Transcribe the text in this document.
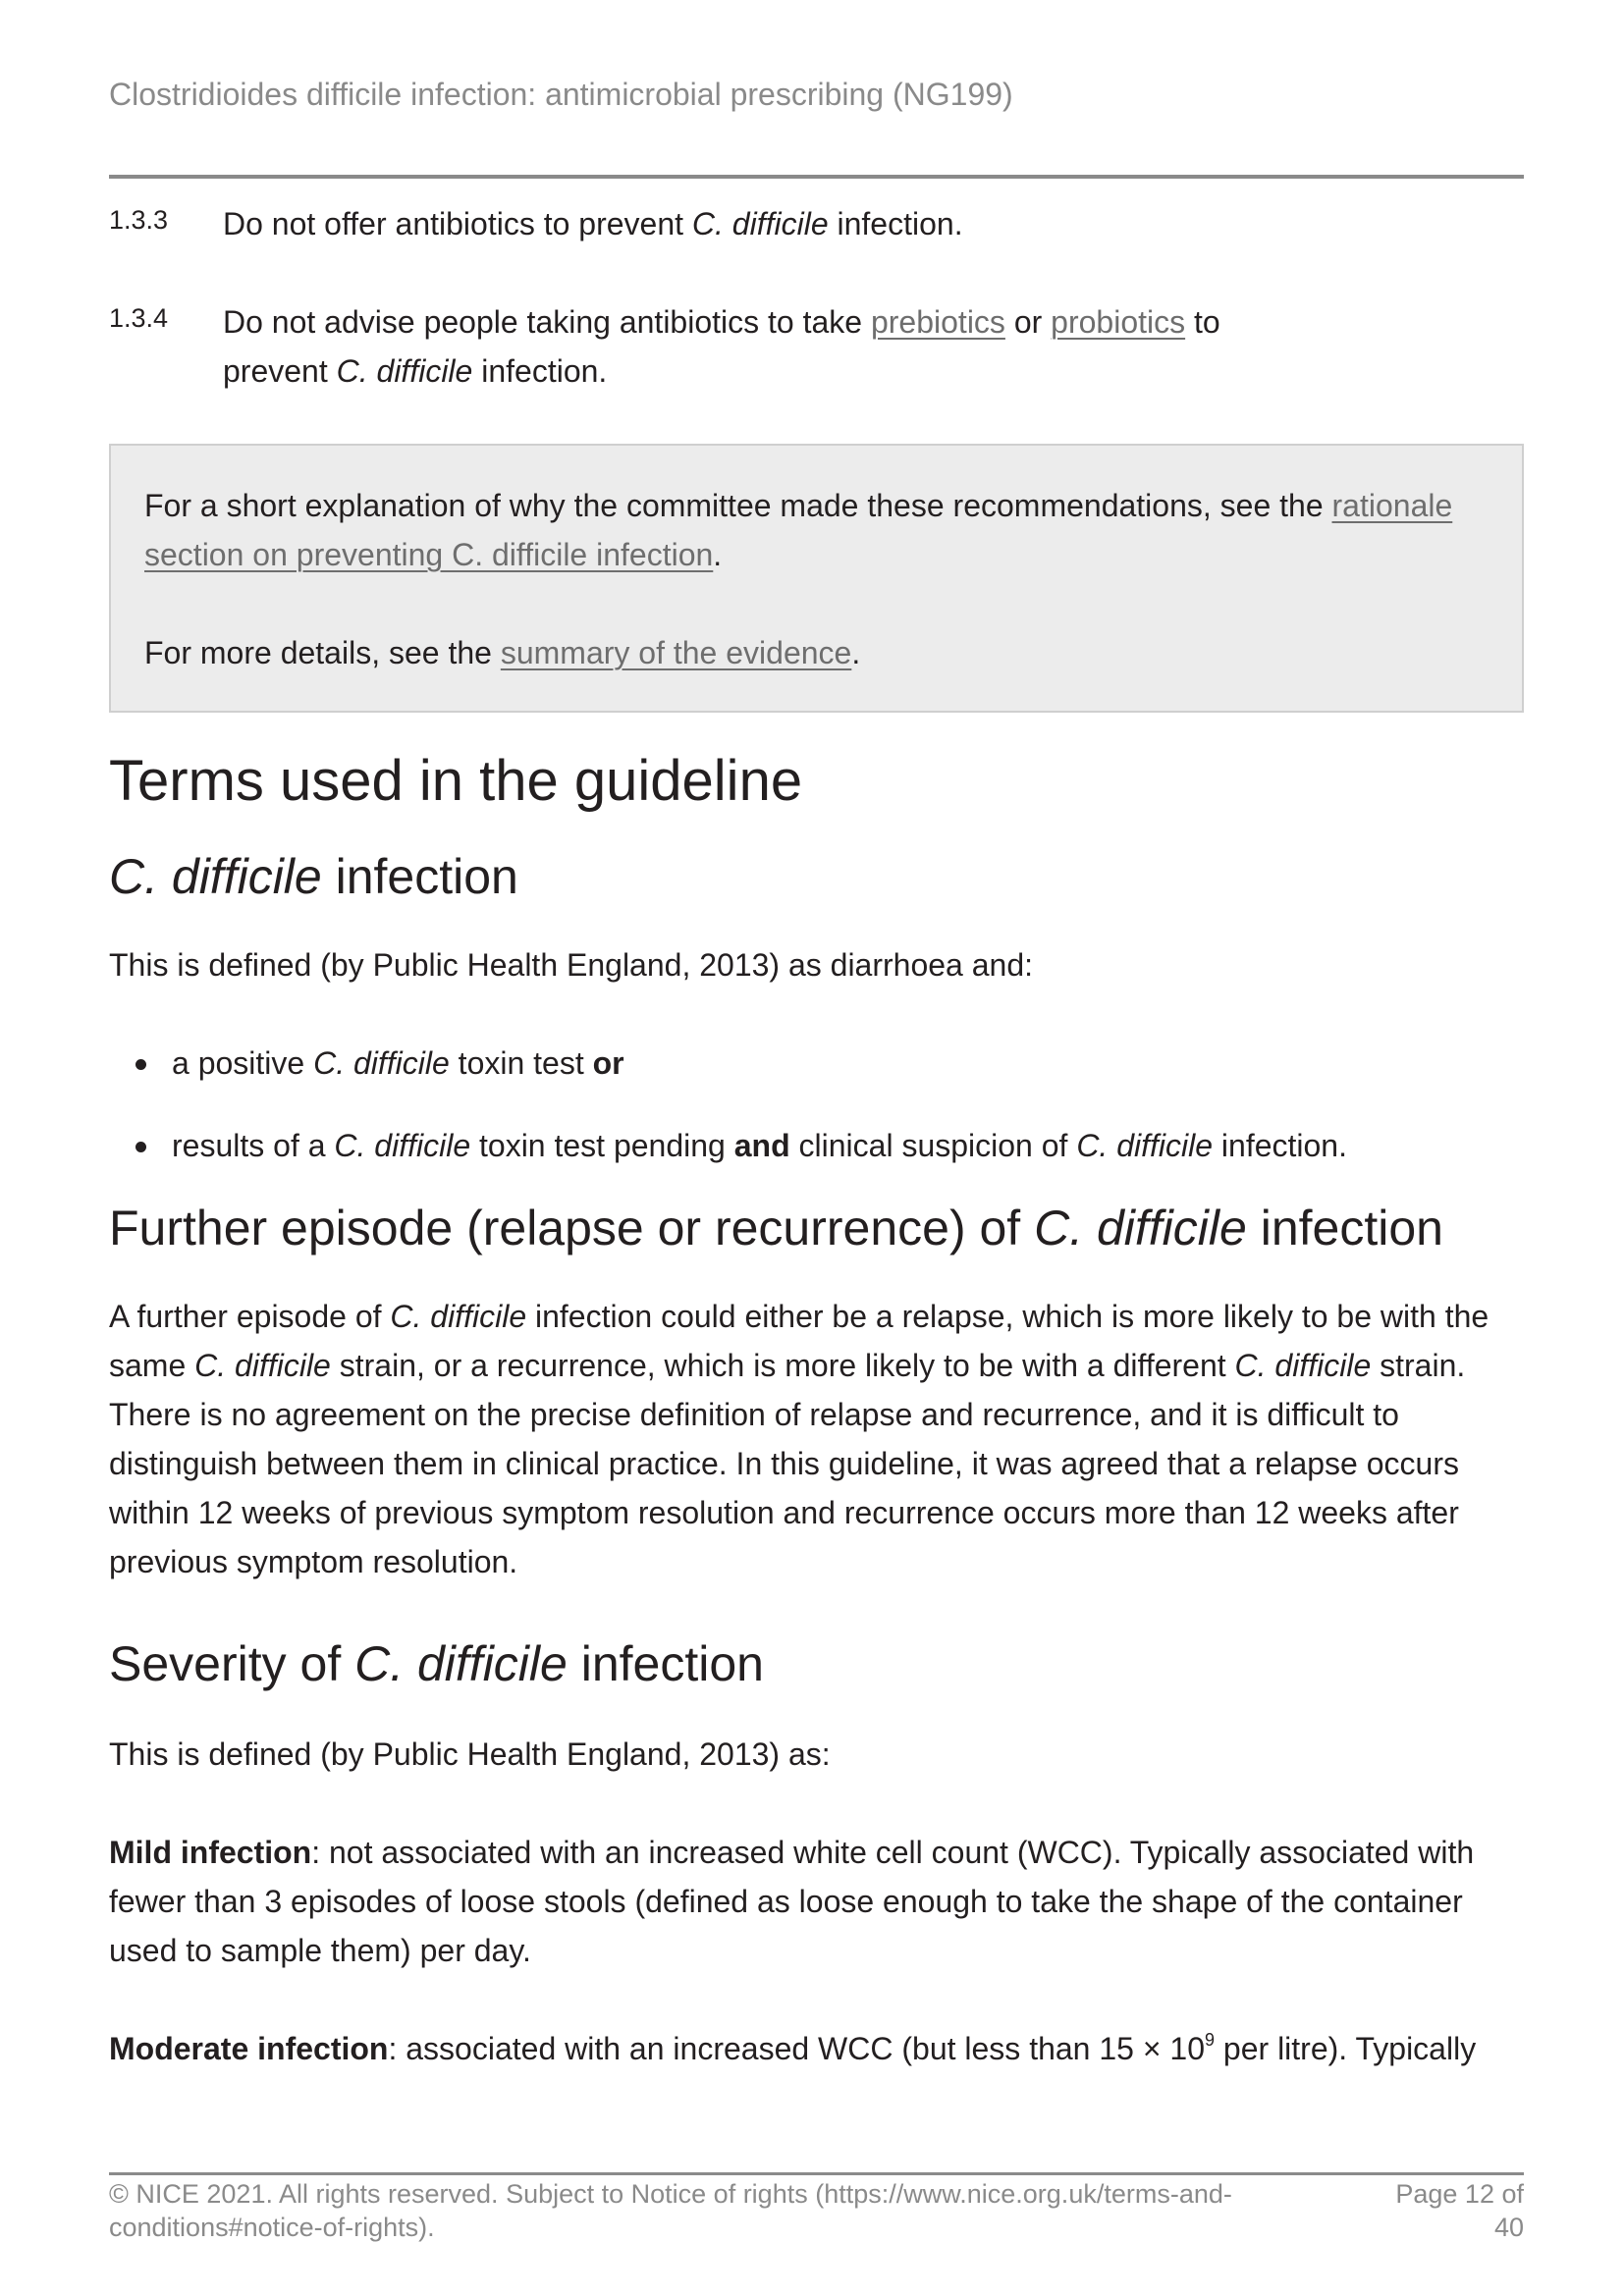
Clostridioides difficile infection: antimicrobial prescribing (NG199)
1.3.3 Do not offer antibiotics to prevent C. difficile infection.
1.3.4 Do not advise people taking antibiotics to take prebiotics or probiotics to
prevent C. difficile infection.

For a short explanation of why the committee made these recommendations, see the rationale
section on preventing C. difficile infection.

For more details, see the summary of the evidence.

Terms used in the guideline
C. difficile infection

This is defined (by Public Health England, 2013) as diarrhoea and:

a positive C. difficile toxin test or
results of a C. difficile toxin test pending and clinical suspicion of C. difficile infection.
Further episode (relapse or recurrence) of C. difficile infection

A further episode of C. difficile infection could either be a relapse, which is more likely to be with the same C. difficile strain, or a recurrence, which is more likely to be with a different C. difficile strain. There is no agreement on the precise definition of relapse and recurrence, and it is difficult to distinguish between them in clinical practice. In this guideline, it was agreed that a relapse occurs within 12 weeks of previous symptom resolution and recurrence occurs more than 12 weeks after previous symptom resolution.

Severity of C. difficile infection

This is defined (by Public Health England, 2013) as:

Mild infection: not associated with an increased white cell count (WCC). Typically associated with fewer than 3 episodes of loose stools (defined as loose enough to take the shape of the container used to sample them) per day.

Moderate infection: associated with an increased WCC (but less than $15 \times 10^9$ per litre). Typically

© NICE 2021. All rights reserved. Subject to Notice of rights (https://www.nice.org.uk/terms-and-conditions#notice-of-rights).
Page 12 of
40
